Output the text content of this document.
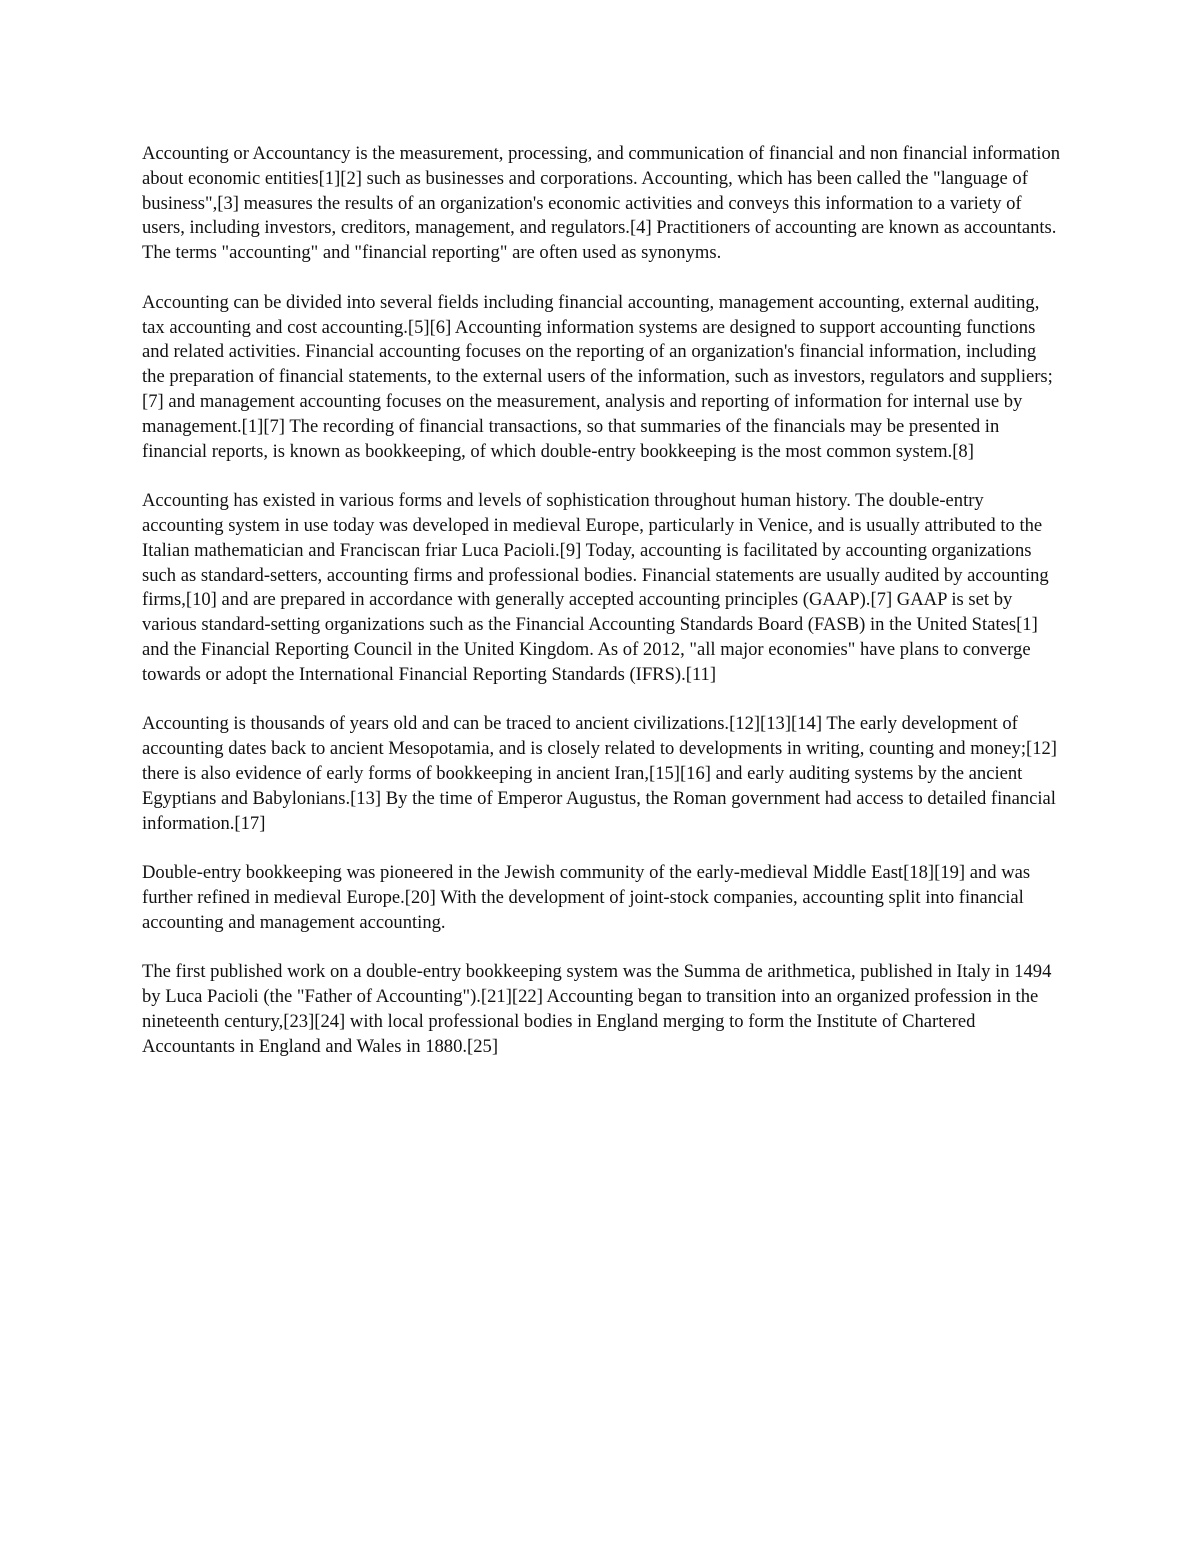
Accounting or Accountancy is the measurement, processing, and communication of financial and non financial information about economic entities[1][2] such as businesses and corporations. Accounting, which has been called the "language of business",[3] measures the results of an organization's economic activities and conveys this information to a variety of users, including investors, creditors, management, and regulators.[4] Practitioners of accounting are known as accountants. The terms "accounting" and "financial reporting" are often used as synonyms.

Accounting can be divided into several fields including financial accounting, management accounting, external auditing, tax accounting and cost accounting.[5][6] Accounting information systems are designed to support accounting functions and related activities. Financial accounting focuses on the reporting of an organization's financial information, including the preparation of financial statements, to the external users of the information, such as investors, regulators and suppliers;[7] and management accounting focuses on the measurement, analysis and reporting of information for internal use by management.[1][7] The recording of financial transactions, so that summaries of the financials may be presented in financial reports, is known as bookkeeping, of which double-entry bookkeeping is the most common system.[8]

Accounting has existed in various forms and levels of sophistication throughout human history. The double-entry accounting system in use today was developed in medieval Europe, particularly in Venice, and is usually attributed to the Italian mathematician and Franciscan friar Luca Pacioli.[9] Today, accounting is facilitated by accounting organizations such as standard-setters, accounting firms and professional bodies. Financial statements are usually audited by accounting firms,[10] and are prepared in accordance with generally accepted accounting principles (GAAP).[7] GAAP is set by various standard-setting organizations such as the Financial Accounting Standards Board (FASB) in the United States[1] and the Financial Reporting Council in the United Kingdom. As of 2012, "all major economies" have plans to converge towards or adopt the International Financial Reporting Standards (IFRS).[11]

Accounting is thousands of years old and can be traced to ancient civilizations.[12][13][14] The early development of accounting dates back to ancient Mesopotamia, and is closely related to developments in writing, counting and money;[12] there is also evidence of early forms of bookkeeping in ancient Iran,[15][16] and early auditing systems by the ancient Egyptians and Babylonians.[13] By the time of Emperor Augustus, the Roman government had access to detailed financial information.[17]

Double-entry bookkeeping was pioneered in the Jewish community of the early-medieval Middle East[18][19] and was further refined in medieval Europe.[20] With the development of joint-stock companies, accounting split into financial accounting and management accounting.

The first published work on a double-entry bookkeeping system was the Summa de arithmetica, published in Italy in 1494 by Luca Pacioli (the "Father of Accounting").[21][22] Accounting began to transition into an organized profession in the nineteenth century,[23][24] with local professional bodies in England merging to form the Institute of Chartered Accountants in England and Wales in 1880.[25]
